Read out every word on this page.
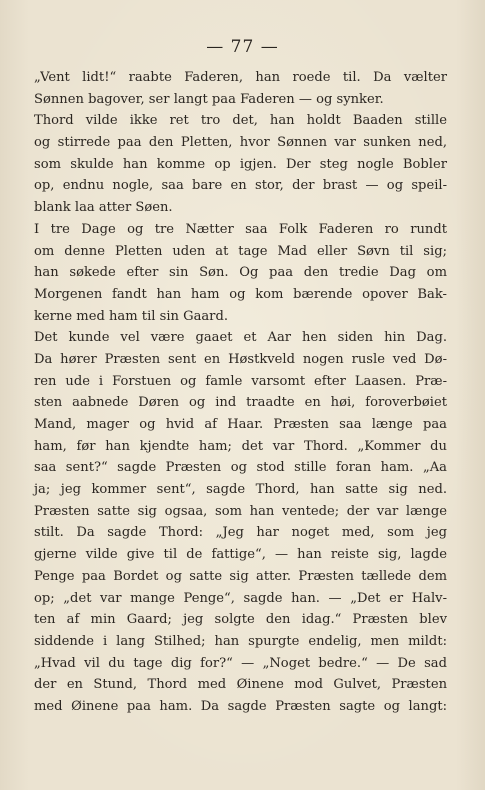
— 77 —
„Vent lidt!“ raabte Faderen, han roede til. Da vælter
Sønnen bagover, ser langt paa Faderen — og synker.
Thord vilde ikke ret tro det, han holdt Baaden stille
og stirrede paa den Pletten, hvor Sønnen var sunken ned,
som skulde han komme op igjen. Der steg nogle Bobler
op, endnu nogle, saa bare en stor, der brast — og speil-
blank laa atter Søen.
I tre Dage og tre Nætter saa Folk Faderen ro rundt
om denne Pletten uden at tage Mad eller Søvn til sig;
han søkede efter sin Søn. Og paa den tredie Dag om
Morgenen fandt han ham og kom bærende opover Bak-
kerne med ham til sin Gaard.
Det kunde vel være gaaet et Aar hen siden hin Dag.
Da hører Præsten sent en Høstkveld nogen rusle ved Dø-
ren ude i Forstuen og famle varsomt efter Laasen. Præ-
sten aabnede Døren og ind traadte en høi, foroverbøiet
Mand, mager og hvid af Haar. Præsten saa længe paa
ham, før han kjendte ham; det var Thord. „Kommer du
saa sent?“ sagde Præsten og stod stille foran ham. „Aa
ja; jeg kommer sent“, sagde Thord, han satte sig ned.
Præsten satte sig ogsaa, som han ventede; der var længe
stilt. Da sagde Thord: „Jeg har noget med, som jeg
gjerne vilde give til de fattige“, — han reiste sig, lagde
Penge paa Bordet og satte sig atter. Præsten tællede dem
op; „det var mange Penge“, sagde han. — „Det er Halv-
ten af min Gaard; jeg solgte den idag.“ Præsten blev
siddende i lang Stilhed; han spurgte endelig, men mildt:
„Hvad vil du tage dig for?“ — „Noget bedre.“ — De sad
der en Stund, Thord med Øinene mod Gulvet, Præsten
med Øinene paa ham. Da sagde Præsten sagte og langt:
